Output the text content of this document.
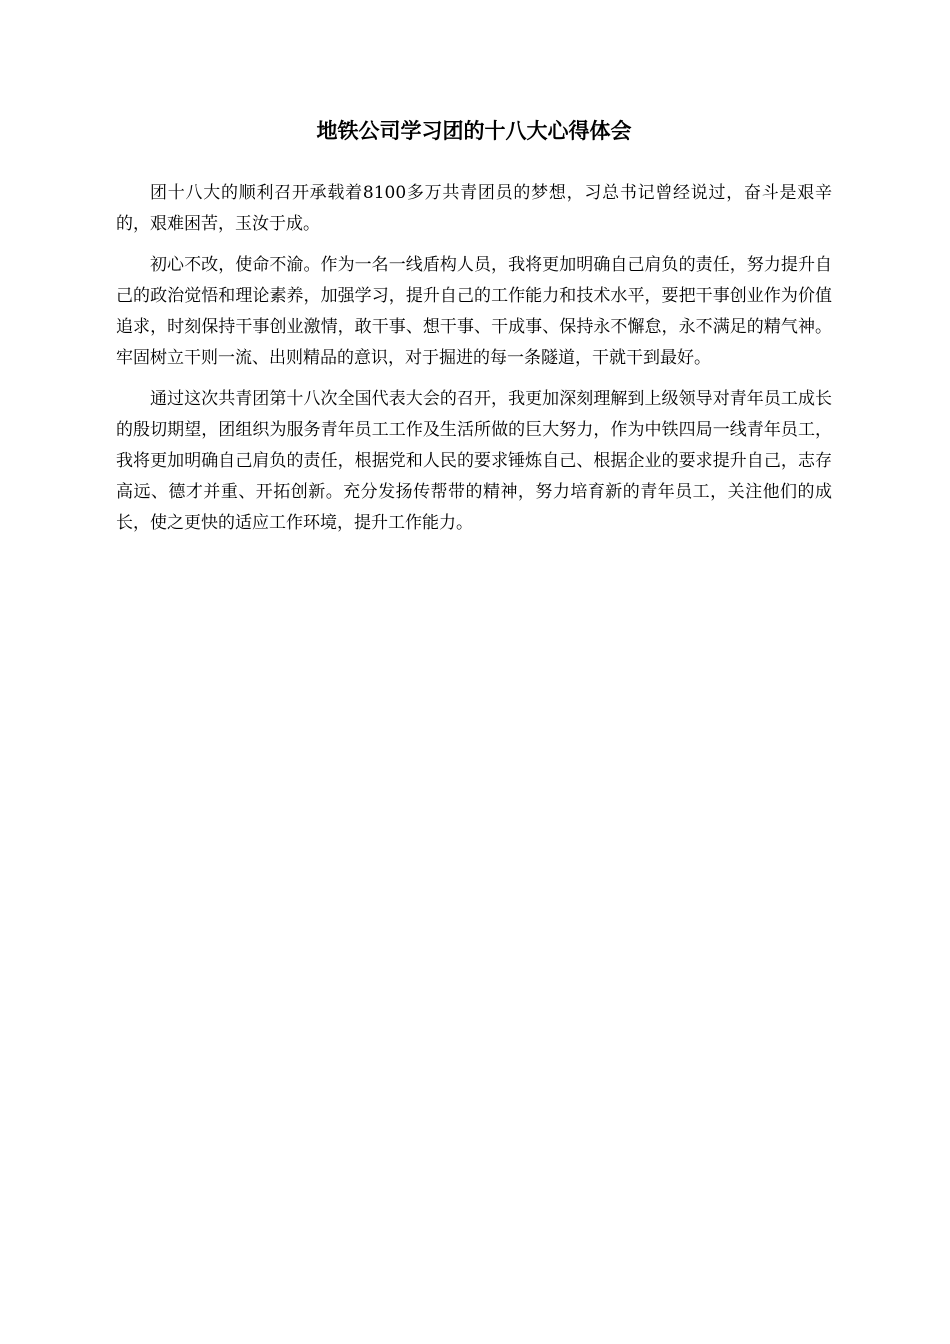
地铁公司学习团的十八大心得体会

团十八大的顺利召开承载着8100多万共青团员的梦想，习总书记曾经说过，奋斗是艰辛的，艰难困苦，玉汝于成。

初心不改，使命不渝。作为一名一线盾构人员，我将更加明确自己肩负的责任，努力提升自己的政治觉悟和理论素养，加强学习，提升自己的工作能力和技术水平，要把干事创业作为价值追求，时刻保持干事创业激情，敢干事、想干事、干成事、保持永不懈怠，永不满足的精气神。牢固树立干则一流、出则精品的意识，对于掘进的每一条隧道，干就干到最好。

通过这次共青团第十八次全国代表大会的召开，我更加深刻理解到上级领导对青年员工成长的殷切期望，团组织为服务青年员工工作及生活所做的巨大努力，作为中铁四局一线青年员工，我将更加明确自己肩负的责任，根据党和人民的要求锤炼自己、根据企业的要求提升自己，志存高远、德才并重、开拓创新。充分发扬传帮带的精神，努力培育新的青年员工，关注他们的成长，使之更快的适应工作环境，提升工作能力。
